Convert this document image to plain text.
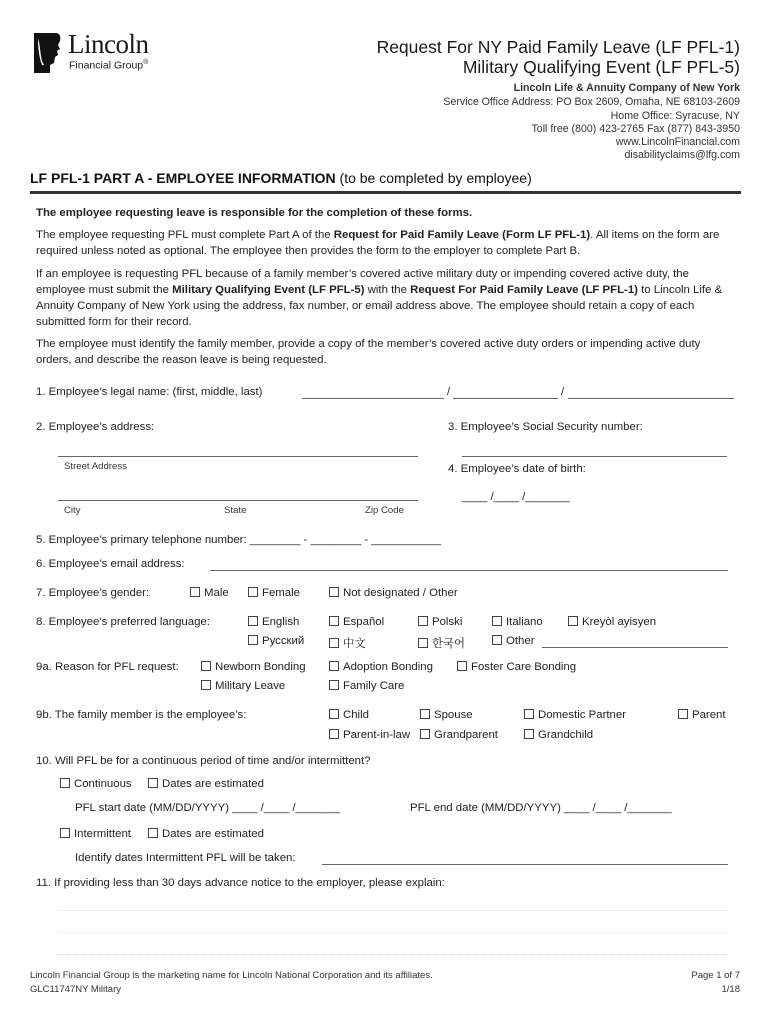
Lincoln
Financial Group®
Request For NY Paid Family Leave (LF PFL-1)
Military Qualifying Event (LF PFL-5)
Lincoln Life & Annuity Company of New York
Service Office Address: PO Box 2609, Omaha, NE 68103-2609
Home Office: Syracuse, NY
Toll free (800) 423-2765 Fax (877) 843-3950
www.LincolnFinancial.com
disabilityclaims@lfg.com
LF PFL-1 PART A - EMPLOYEE INFORMATION (to be completed by employee)
The employee requesting leave is responsible for the completion of these forms.
The employee requesting PFL must complete Part A of the Request for Paid Family Leave (Form LF PFL-1). All items on the form are required unless noted as optional. The employee then provides the form to the employer to complete Part B.
If an employee is requesting PFL because of a family member’s covered active military duty or impending covered active duty, the employee must submit the Military Qualifying Event (LF PFL-5) with the Request For Paid Family Leave (LF PFL-1) to Lincoln Life & Annuity Company of New York using the address, fax number, or email address above. The employee should retain a copy of each submitted form for their record.
The employee must identify the family member, provide a copy of the member’s covered active duty orders or impending active duty orders, and describe the reason leave is being requested.
1. Employee’s legal name: (first, middle, last)	/	/
2. Employee’s address:	3. Employee’s Social Security number:
Street Address	4. Employee’s date of birth:
____ /____ /_______
City	State	Zip Code
5. Employee’s primary telephone number: ________ - ________ - ___________
6. Employee’s email address:
7. Employee’s gender:	Male	Female	Not designated / Other
8. Employee’s preferred language:	English	Español	Polski	Italiano	Kreyòl ayisyen
Русский	中文	한국어	Other
9a. Reason for PFL request:	Newborn Bonding	Adoption Bonding	Foster Care Bonding
Military Leave	Family Care
9b. The family member is the employee’s:	Child	Spouse	Domestic Partner	Parent
Parent-in-law	Grandparent	Grandchild
10. Will PFL be for a continuous period of time and/or intermittent?
Continuous	Dates are estimated
PFL start date (MM/DD/YYYY) ____ /____ /_______	PFL end date (MM/DD/YYYY) ____ /____ /_______
Intermittent	Dates are estimated
Identify dates Intermittent PFL will be taken:
11. If providing less than 30 days advance notice to the employer, please explain:
Lincoln Financial Group is the marketing name for Lincoln National Corporation and its affiliates.
GLC11747NY Military
Page 1 of 7
1/18
